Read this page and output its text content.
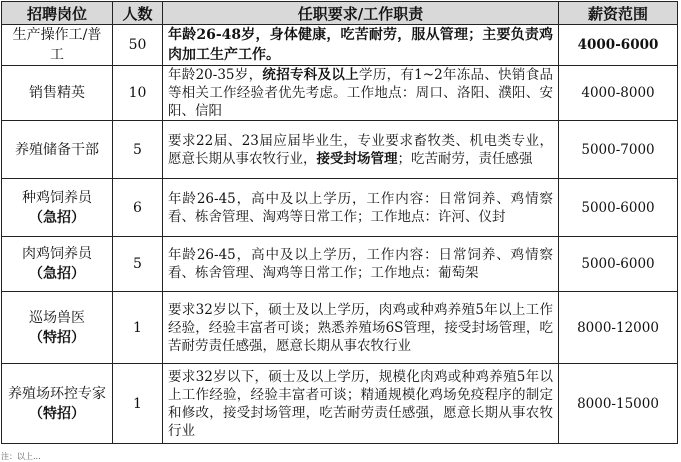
招聘岗位	人数	任职要求/工作职责	薪资范围
生产操作工/普工	50	年龄26-48岁，身体健康，吃苦耐劳，服从管理；主要负责鸡肉加工生产工作。	4000-6000
销售精英	10	年龄20-35岁，统招专科及以上学历，有1~2年冻品、快销食品等相关工作经验者优先考虑。工作地点：周口、洛阳、濮阳、安阳、信阳	4000-8000
养殖储备干部	5	要求22届、23届应届毕业生，专业要求畜牧类、机电类专业，愿意长期从事农牧行业，接受封场管理；吃苦耐劳，责任感强	5000-7000
种鸡饲养员
（急招）	6	年龄26-45，高中及以上学历，工作内容：日常饲养、鸡情察看、栋舍管理、淘鸡等日常工作；工作地点：许河、仪封	5000-6000
肉鸡饲养员
（急招）	5	年龄26-45，高中及以上学历，工作内容：日常饲养、鸡情察看、栋舍管理、淘鸡等日常工作；工作地点：葡萄架	5000-6000
巡场兽医
（特招）	1	要求32岁以下，硕士及以上学历，肉鸡或种鸡养殖5年以上工作经验，经验丰富者可谈；熟悉养殖场6S管理，接受封场管理，吃苦耐劳责任感强，愿意长期从事农牧行业	8000-12000
养殖场环控专家
（特招）	1	要求32岁以下，硕士及以上学历，规模化肉鸡或种鸡养殖5年以上工作经验，经验丰富者可谈；精通规模化鸡场免疫程序的制定和修改，接受封场管理，吃苦耐劳责任感强，愿意长期从事农牧行业	8000-15000
注：以上...
